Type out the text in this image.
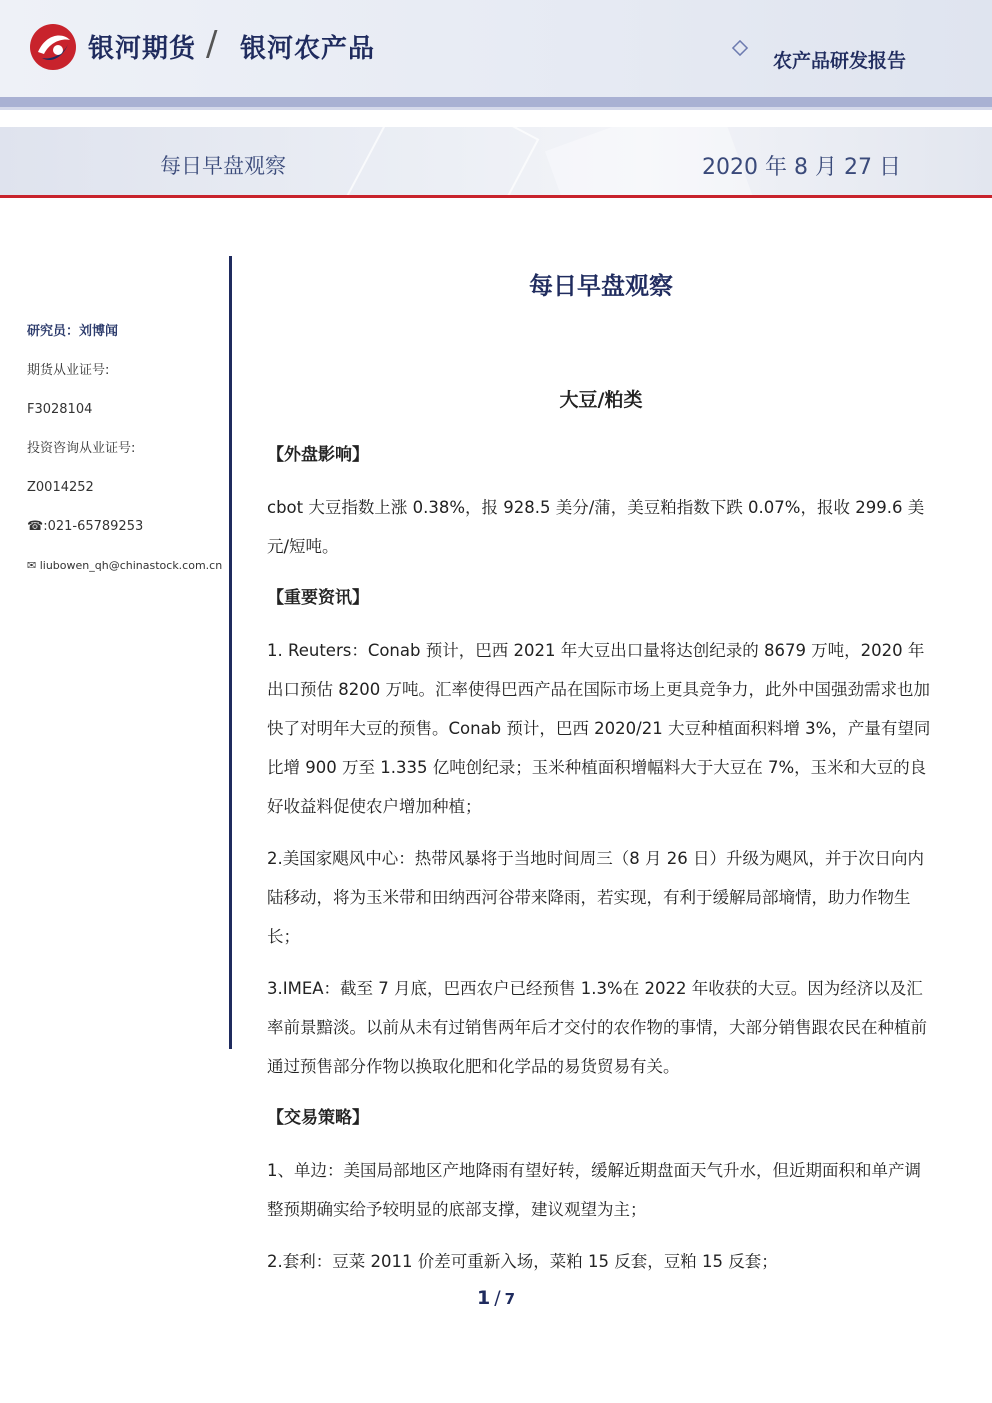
银河期货 / 银河农产品	农产品研发报告
每日早盘观察	2020 年 8 月 27 日
研究员：刘博闻
期货从业证号:
F3028104
投资咨询从业证号:
Z0014252
☎:021-65789253
✉ liubowen_qh@chinastock.com.cn
每日早盘观察
大豆/粕类
【外盘影响】
cbot 大豆指数上涨 0.38%，报 928.5 美分/蒲，美豆粕指数下跌 0.07%，报收 299.6 美元/短吨。
【重要资讯】
1. Reuters：Conab 预计，巴西 2021 年大豆出口量将达创纪录的 8679 万吨，2020 年出口预估 8200 万吨。汇率使得巴西产品在国际市场上更具竞争力，此外中国强劲需求也加快了对明年大豆的预售。Conab 预计，巴西 2020/21 大豆种植面积料增 3%，产量有望同比增 900 万至 1.335 亿吨创纪录；玉米种植面积增幅料大于大豆在 7%，玉米和大豆的良好收益料促使农户增加种植；
2.美国家飓风中心：热带风暴将于当地时间周三（8 月 26 日）升级为飓风，并于次日向内陆移动，将为玉米带和田纳西河谷带来降雨，若实现，有利于缓解局部墒情，助力作物生长；
3.IMEA：截至 7 月底，巴西农户已经预售 1.3%在 2022 年收获的大豆。因为经济以及汇率前景黯淡。以前从未有过销售两年后才交付的农作物的事情，大部分销售跟农民在种植前通过预售部分作物以换取化肥和化学品的易货贸易有关。
【交易策略】
1、单边：美国局部地区产地降雨有望好转，缓解近期盘面天气升水，但近期面积和单产调整预期确实给予较明显的底部支撑，建议观望为主；
2.套利：豆菜 2011 价差可重新入场，菜粕 15 反套，豆粕 15 反套；
1 / 7
